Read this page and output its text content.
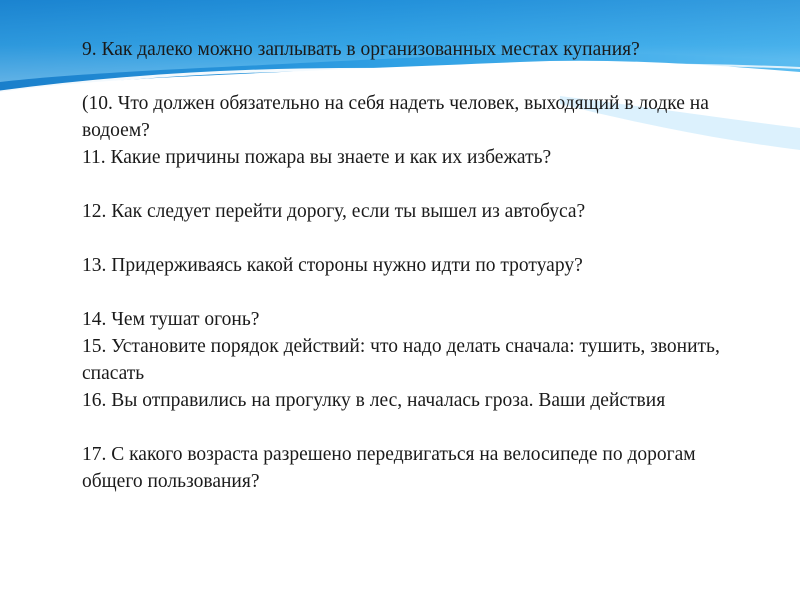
9. Как далеко можно заплывать в организованных местах купания?
(10. Что должен обязательно на себя надеть человек, выходящий в лодке на водоем?
11. Какие причины пожара вы знаете и как их избежать?
12. Как следует перейти дорогу, если ты вышел из автобуса?
13. Придерживаясь какой стороны нужно идти по тротуару?
14. Чем тушат огонь?
15. Установите порядок действий: что надо делать сначала: тушить, звонить, спасать
16. Вы отправились на прогулку в лес, началась гроза. Ваши действия
17. С какого возраста разрешено передвигаться на велосипеде по дорогам общего пользования?
